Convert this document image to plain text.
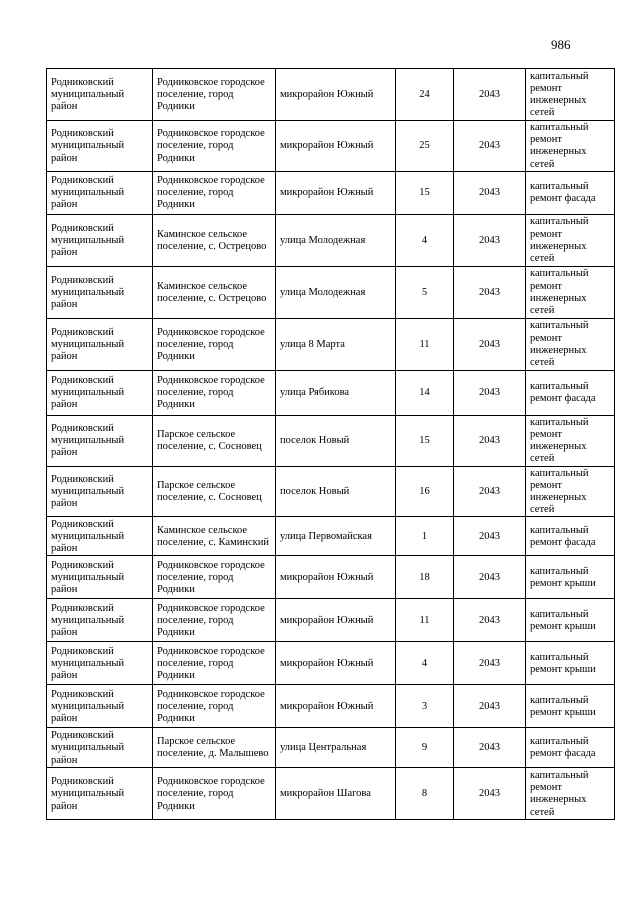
986
Родниковский муниципальный район	Родниковское городское поселение, город Родники	микрорайон Южный	24	2043	капитальный ремонт инженерных сетей
Родниковский муниципальный район	Родниковское городское поселение, город Родники	микрорайон Южный	25	2043	капитальный ремонт инженерных сетей
Родниковский муниципальный район	Родниковское городское поселение, город Родники	микрорайон Южный	15	2043	капитальный ремонт фасада
Родниковский муниципальный район	Каминское сельское поселение, с. Острецово	улица Молодежная	4	2043	капитальный ремонт инженерных сетей
Родниковский муниципальный район	Каминское сельское поселение, с. Острецово	улица Молодежная	5	2043	капитальный ремонт инженерных сетей
Родниковский муниципальный район	Родниковское городское поселение, город Родники	улица 8 Марта	11	2043	капитальный ремонт инженерных сетей
Родниковский муниципальный район	Родниковское городское поселение, город Родники	улица Рябикова	14	2043	капитальный ремонт фасада
Родниковский муниципальный район	Парское сельское поселение, с. Сосновец	поселок Новый	15	2043	капитальный ремонт инженерных сетей
Родниковский муниципальный район	Парское сельское поселение, с. Сосновец	поселок Новый	16	2043	капитальный ремонт инженерных сетей
Родниковский муниципальный район	Каминское сельское поселение, с. Каминский	улица Первомайская	1	2043	капитальный ремонт фасада
Родниковский муниципальный район	Родниковское городское поселение, город Родники	микрорайон Южный	18	2043	капитальный ремонт крыши
Родниковский муниципальный район	Родниковское городское поселение, город Родники	микрорайон Южный	11	2043	капитальный ремонт крыши
Родниковский муниципальный район	Родниковское городское поселение, город Родники	микрорайон Южный	4	2043	капитальный ремонт крыши
Родниковский муниципальный район	Родниковское городское поселение, город Родники	микрорайон Южный	3	2043	капитальный ремонт крыши
Родниковский муниципальный район	Парское сельское поселение, д. Малышево	улица Центральная	9	2043	капитальный ремонт фасада
Родниковский муниципальный район	Родниковское городское поселение, город Родники	микрорайон Шагова	8	2043	капитальный ремонт инженерных сетей
